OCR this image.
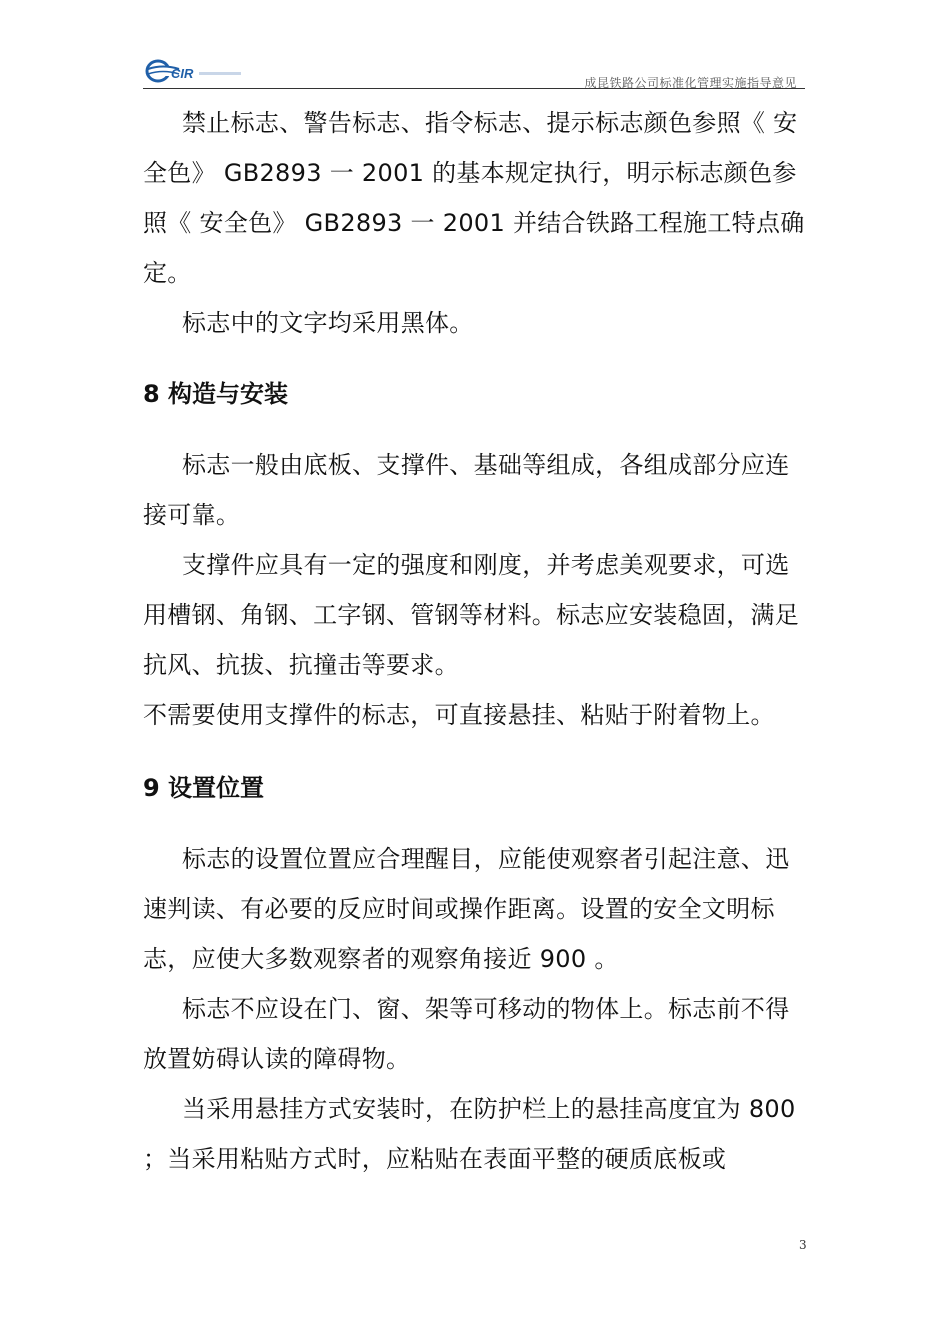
CIR
成昆铁路公司标准化管理实施指导意见

禁止标志、警告标志、指令标志、提示标志颜色参照《 安全色》 GB2893 一 2001 的基本规定执行，明示标志颜色参照《 安全色》 GB2893 一 2001 并结合铁路工程施工特点确定。

标志中的文字均采用黑体。

8 构造与安装

标志一般由底板、支撑件、基础等组成，各组成部分应连接可靠。

支撑件应具有一定的强度和刚度，并考虑美观要求，可选用槽钢、角钢、工字钢、管钢等材料。标志应安装稳固，满足抗风、抗拔、抗撞击等要求。

不需要使用支撑件的标志，可直接悬挂、粘贴于附着物上。

9 设置位置

标志的设置位置应合理醒目，应能使观察者引起注意、迅速判读、有必要的反应时间或操作距离。设置的安全文明标志，应使大多数观察者的观察角接近 900 。

标志不应设在门、窗、架等可移动的物体上。标志前不得放置妨碍认读的障碍物。

当采用悬挂方式安装时，在防护栏上的悬挂高度宜为 800 ；当采用粘贴方式时，应粘贴在表面平整的硬质底板或

3
